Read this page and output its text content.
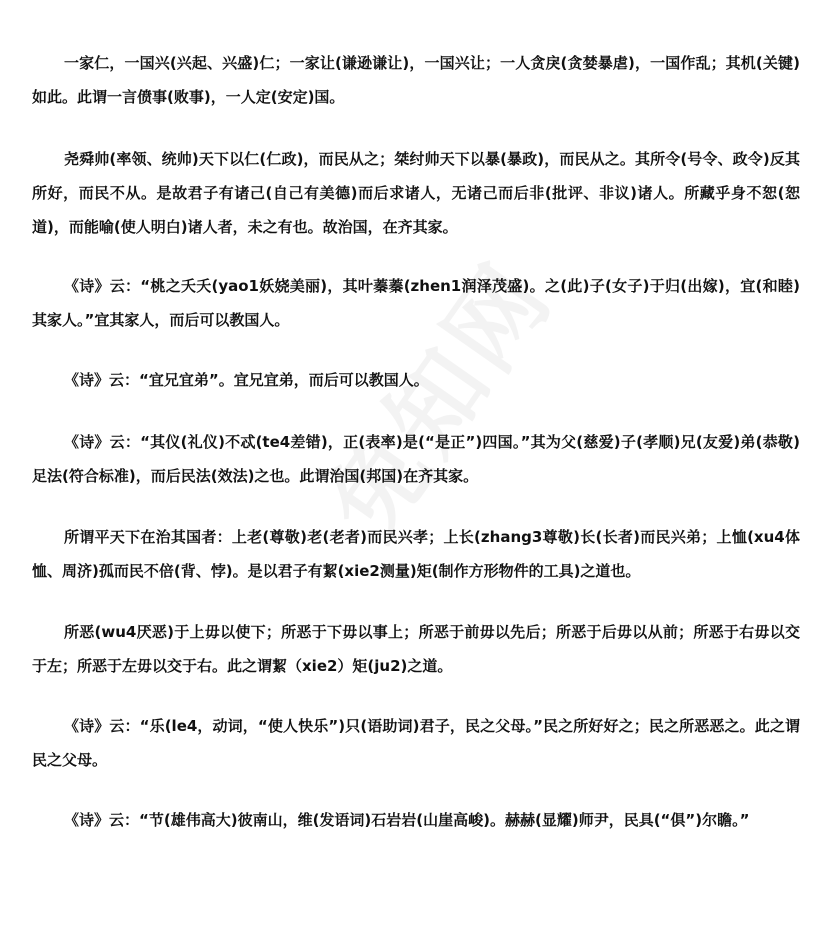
一家仁，一国兴(兴起、兴盛)仁；一家让(谦逊谦让)，一国兴让；一人贪戾(贪婪暴虐)，一国作乱；其机(关键)如此。此谓一言偾事(败事)，一人定(安定)国。

尧舜帅(率领、统帅)天下以仁(仁政)，而民从之；桀纣帅天下以暴(暴政)，而民从之。其所令(号令、政令)反其所好，而民不从。是故君子有诸己(自己有美德)而后求诸人，无诸己而后非(批评、非议)诸人。所藏乎身不恕(恕道)，而能喻(使人明白)诸人者，未之有也。故治国，在齐其家。

《诗》云：“桃之夭夭(yao1妖娆美丽)，其叶蓁蓁(zhen1润泽茂盛)。之(此)子(女子)于归(出嫁)，宜(和睦)其家人。”宜其家人，而后可以教国人。

《诗》云：“宜兄宜弟”。宜兄宜弟，而后可以教国人。

《诗》云：“其仪(礼仪)不忒(te4差错)，正(表率)是(“是正”)四国。”其为父(慈爱)子(孝顺)兄(友爱)弟(恭敬)足法(符合标准)，而后民法(效法)之也。此谓治国(邦国)在齐其家。

所谓平天下在治其国者：上老(尊敬)老(老者)而民兴孝；上长(zhang3尊敬)长(长者)而民兴弟；上恤(xu4体恤、周济)孤而民不倍(背、悖)。是以君子有絜(xie2测量)矩(制作方形物件的工具)之道也。

所恶(wu4厌恶)于上毋以使下；所恶于下毋以事上；所恶于前毋以先后；所恶于后毋以从前；所恶于右毋以交于左；所恶于左毋以交于右。此之谓絜（xie2）矩(ju2)之道。

《诗》云：“乐(le4，动词，“使人快乐”)只(语助词)君子，民之父母。”民之所好好之；民之所恶恶之。此之谓民之父母。

《诗》云：“节(雄伟高大)彼南山，维(发语词)石岩岩(山崖高峻)。赫赫(显耀)师尹，民具(“俱”)尔瞻。”
